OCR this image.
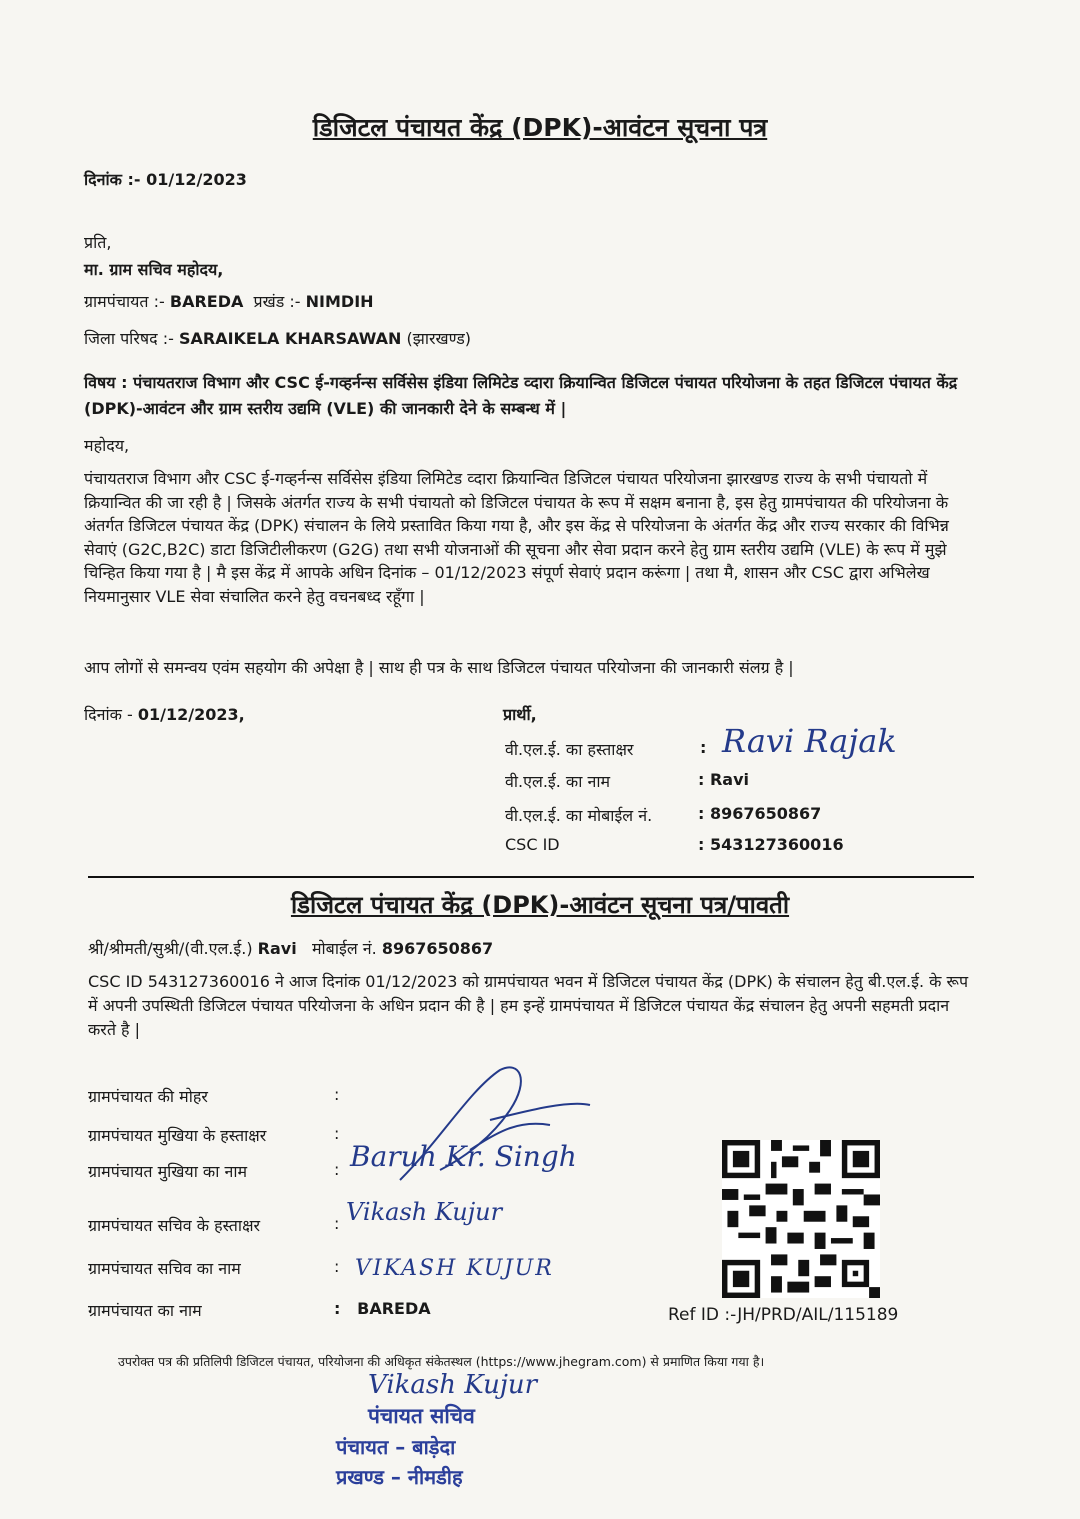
डिजिटल पंचायत केंद्र (DPK)-आवंटन सूचना पत्र
दिनांक :- 01/12/2023
प्रति,
मा. ग्राम सचिव महोदय,
ग्रामपंचायत :- BAREDA प्रखंड :- NIMDIH
जिला परिषद :- SARAIKELA KHARSAWAN (झारखण्ड)
विषय : पंचायतराज विभाग और CSC ई-गव्हर्नन्स सर्विसेस इंडिया लिमिटेड व्दारा क्रियान्वित डिजिटल पंचायत परियोजना के तहत डिजिटल पंचायत केंद्र (DPK)-आवंटन और ग्राम स्तरीय उद्यमि (VLE) की जानकारी देने के सम्बन्ध में |
महोदय,
पंचायतराज विभाग और CSC ई-गव्हर्नन्स सर्विसेस इंडिया लिमिटेड व्दारा क्रियान्वित डिजिटल पंचायत परियोजना झारखण्ड राज्य के सभी पंचायतो में क्रियान्वित की जा रही है | जिसके अंतर्गत राज्य के सभी पंचायतो को डिजिटल पंचायत के रूप में सक्षम बनाना है, इस हेतु ग्रामपंचायत की परियोजना के अंतर्गत डिजिटल पंचायत केंद्र (DPK) संचालन के लिये प्रस्तावित किया गया है, और इस केंद्र से परियोजना के अंतर्गत केंद्र और राज्य सरकार की विभिन्न सेवाएं (G2C,B2C) डाटा डिजिटीलीकरण (G2G) तथा सभी योजनाओं की सूचना और सेवा प्रदान करने हेतु ग्राम स्तरीय उद्यमि (VLE) के रूप में मुझे चिन्हित किया गया है | मै इस केंद्र में आपके अधिन दिनांक – 01/12/2023 संपूर्ण सेवाएं प्रदान करूंगा | तथा मै, शासन और CSC द्वारा अभिलेख नियमानुसार VLE सेवा संचालित करने हेतु वचनबध्द रहूँगा |
आप लोगों से समन्वय एवंम सहयोग की अपेक्षा है | साथ ही पत्र के साथ डिजिटल पंचायत परियोजना की जानकारी संलग्र है |
दिनांक - 01/12/2023,	प्रार्थी,
वी.एल.ई. का हस्ताक्षर	: Ravi Rajak
वी.एल.ई. का नाम	: Ravi
वी.एल.ई. का मोबाईल नं.	: 8967650867
CSC ID	: 543127360016
डिजिटल पंचायत केंद्र (DPK)-आवंटन सूचना पत्र/पावती
श्री/श्रीमती/सुश्री/(वी.एल.ई.) Ravi मोबाईल नं. 8967650867
CSC ID 543127360016 ने आज दिनांक 01/12/2023 को ग्रामपंचायत भवन में डिजिटल पंचायत केंद्र (DPK) के संचालन हेतु बी.एल.ई. के रूप में अपनी उपस्थिती डिजिटल पंचायत परियोजना के अधिन प्रदान की है | हम इन्हें ग्रामपंचायत में डिजिटल पंचायत केंद्र संचालन हेतु अपनी सहमती प्रदान करते है |
ग्रामपंचायत की मोहर	:
ग्रामपंचायत मुखिया के हस्ताक्षर	:
ग्रामपंचायत मुखिया का नाम	: Baruh Kr. Singh
ग्रामपंचायत सचिव के हस्ताक्षर	: Vikash Kujur
ग्रामपंचायत सचिव का नाम	: VIKASH KUJUR
ग्रामपंचायत का नाम	: BAREDA	Ref ID :-JH/PRD/AIL/115189
उपरोक्त पत्र की प्रतिलिपी डिजिटल पंचायत, परियोजना की अधिकृत संकेतस्थल (https://www.jhegram.com) से प्रमाणित किया गया है।
Vikash Kujur
पंचायत सचिव
पंचायत – बाड़ेदा
प्रखण्ड – नीमडीह
